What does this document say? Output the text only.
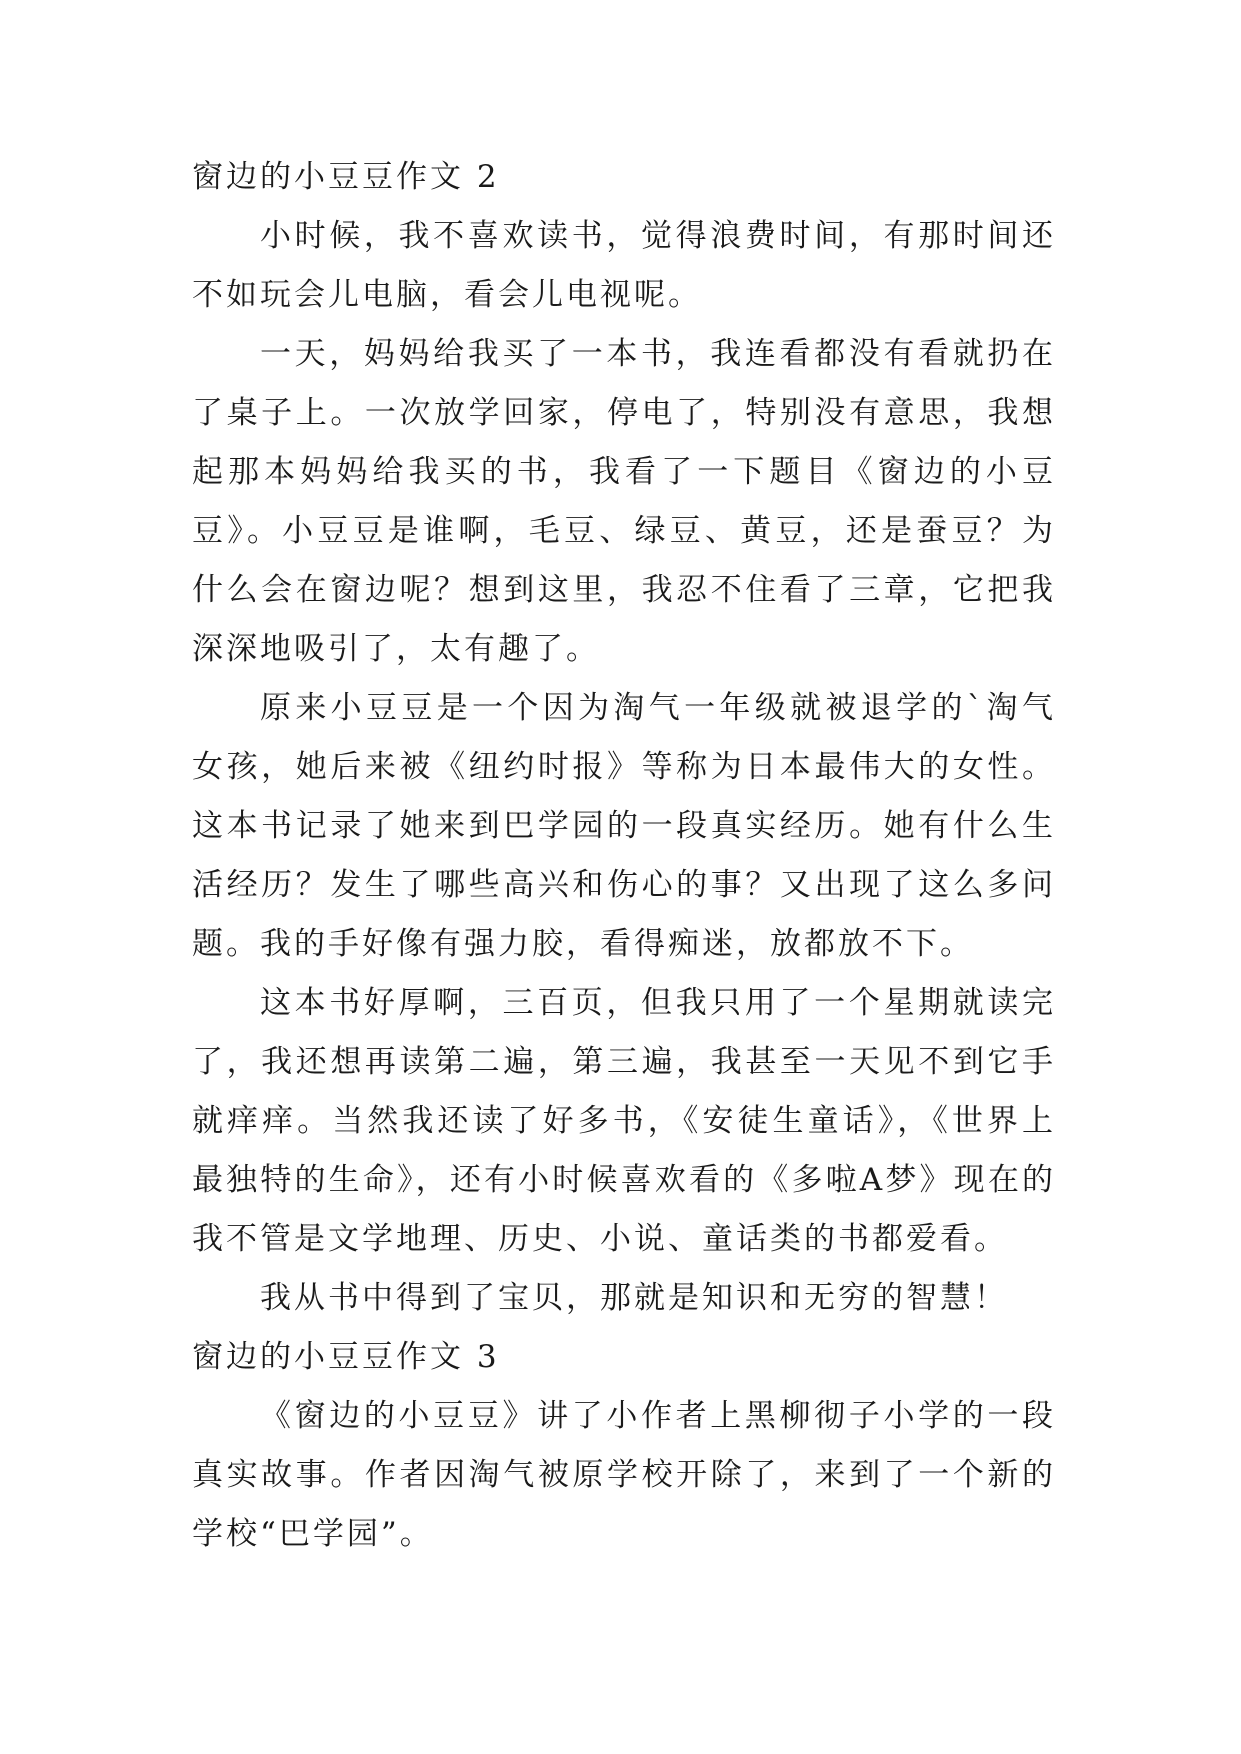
窗边的小豆豆作文 2

小时候，我不喜欢读书，觉得浪费时间，有那时间还不如玩会儿电脑，看会儿电视呢。

一天，妈妈给我买了一本书，我连看都没有看就扔在了桌子上。一次放学回家，停电了，特别没有意思，我想起那本妈妈给我买的书，我看了一下题目《窗边的小豆豆》。小豆豆是谁啊，毛豆、绿豆、黄豆，还是蚕豆？为什么会在窗边呢？想到这里，我忍不住看了三章，它把我深深地吸引了，太有趣了。

原来小豆豆是一个因为淘气一年级就被退学的`淘气女孩，她后来被《纽约时报》等称为日本最伟大的女性。这本书记录了她来到巴学园的一段真实经历。她有什么生活经历？发生了哪些高兴和伤心的事？又出现了这么多问题。我的手好像有强力胶，看得痴迷，放都放不下。

这本书好厚啊，三百页，但我只用了一个星期就读完了，我还想再读第二遍，第三遍，我甚至一天见不到它手就痒痒。当然我还读了好多书，《安徒生童话》，《世界上最独特的生命》，还有小时候喜欢看的《多啦A梦》现在的我不管是文学地理、历史、小说、童话类的书都爱看。

我从书中得到了宝贝，那就是知识和无穷的智慧！

窗边的小豆豆作文 3

《窗边的小豆豆》讲了小作者上黑柳彻子小学的一段真实故事。作者因淘气被原学校开除了，来到了一个新的学校“巴学园”。
